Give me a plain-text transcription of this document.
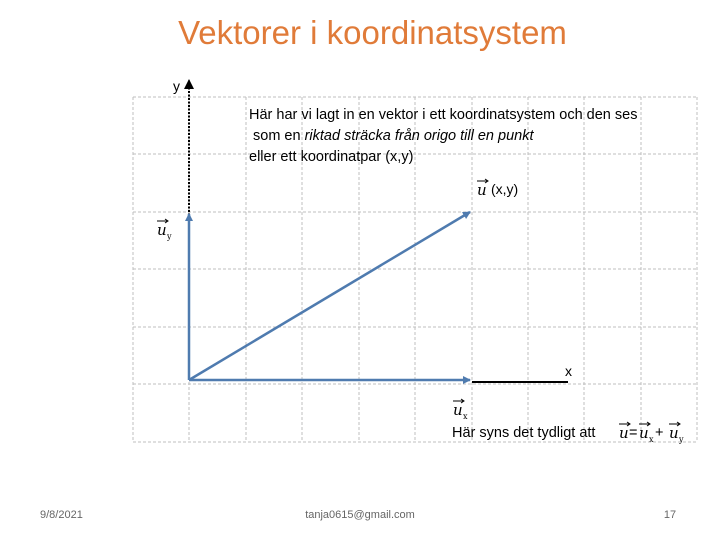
Vektorer i koordinatsystem
y
x
Här har vi lagt in en vektor i ett koordinatsystem och den ses
som en riktad sträcka från origo till en punkt
eller ett koordinatpar (x,y)
u (x,y)
u y
u x
Här syns det tydligt att u = u x + u y
9/8/2021	tanja0615@gmail.com	17
